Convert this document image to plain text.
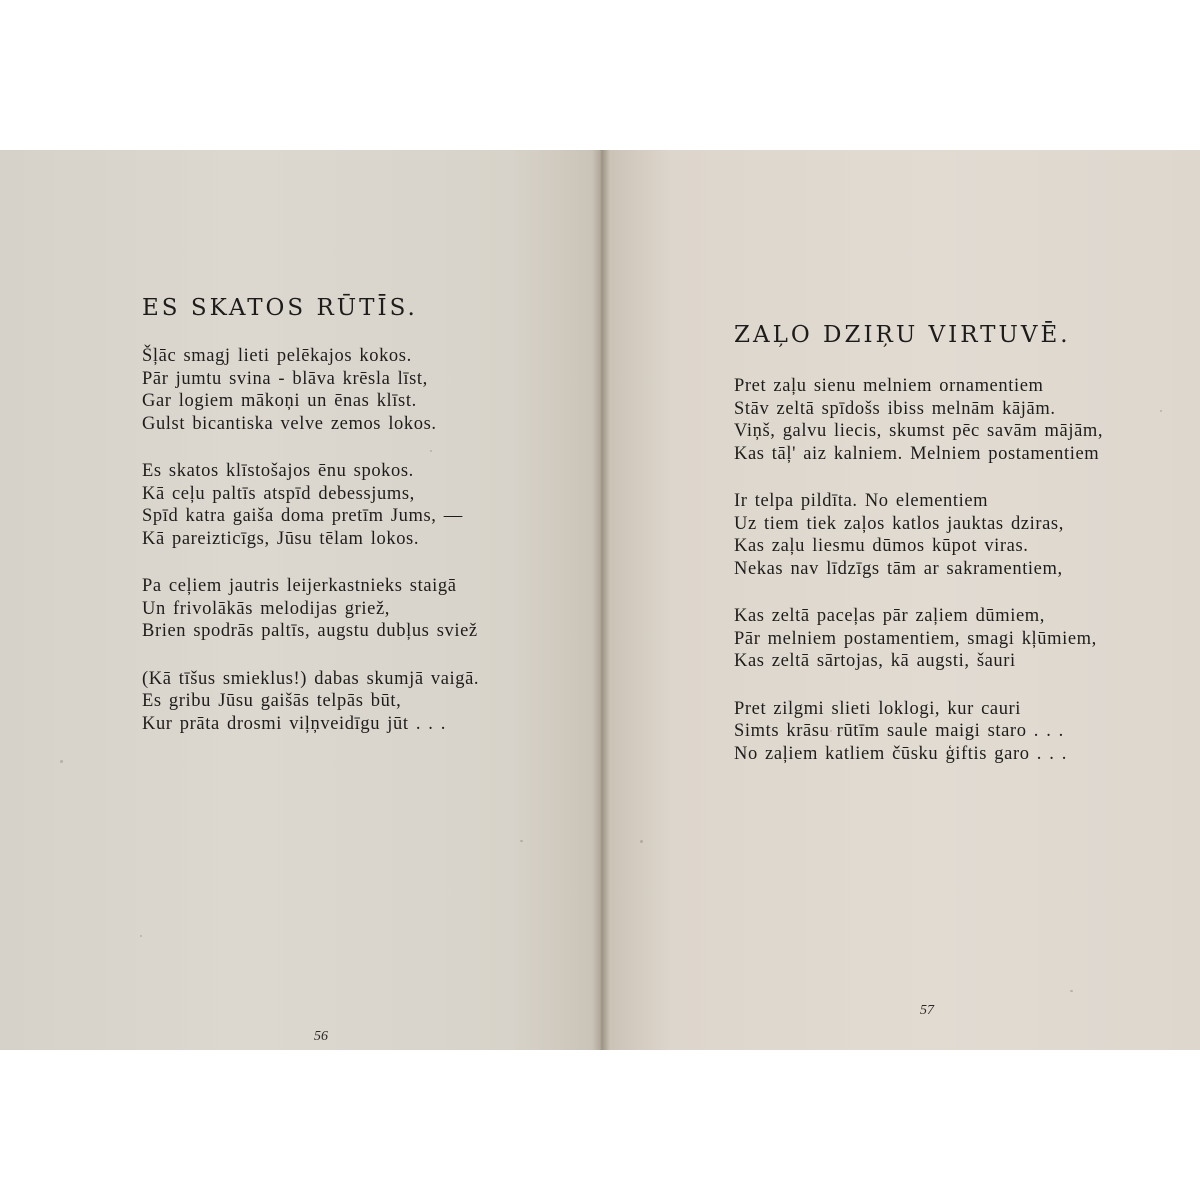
ES SKATOS RŪTĪS.

Šļāc smagj lieti pelēkajos kokos.
Pār jumtu svina - blāva krēsla līst,
Gar logiem mākoņi un ēnas klīst.
Gulst bicantiska velve zemos lokos.

Es skatos klīstošajos ēnu spokos.
Kā ceļu paltīs atspīd debessjums,
Spīd katra gaiša doma pretīm Jums, —
Kā pareizticīgs, Jūsu tēlam lokos.

Pa ceļiem jautris leijerkastnieks staigā
Un frivolākās melodijas griež,
Brien spodrās paltīs, augstu dubļus sviež

(Kā tīšus smieklus!) dabas skumjā vaigā.
Es gribu Jūsu gaišās telpās būt,
Kur prāta drosmi viļņveidīgu jūt . . .

56
ZAĻO DZIŖU VIRTUVĒ.

Pret zaļu sienu melniem ornamentiem
Stāv zeltā spīdošs ibiss melnām kājām.
Viņš, galvu liecis, skumst pēc savām mājām,
Kas tāļ' aiz kalniem. Melniem postamentiem

Ir telpa pildīta. No elementiem
Uz tiem tiek zaļos katlos jauktas dziras,
Kas zaļu liesmu dūmos kūpot viras.
Nekas nav līdzīgs tām ar sakramentiem,

Kas zeltā paceļas pār zaļiem dūmiem,
Pār melniem postamentiem, smagi kļūmiem,
Kas zeltā sārtojas, kā augsti, šauri

Pret zilgmi slieti loklogi, kur cauri
Simts krāsu rūtīm saule maigi staro . . .
No zaļiem katliem čūsku ģiftis garo . . .

57
